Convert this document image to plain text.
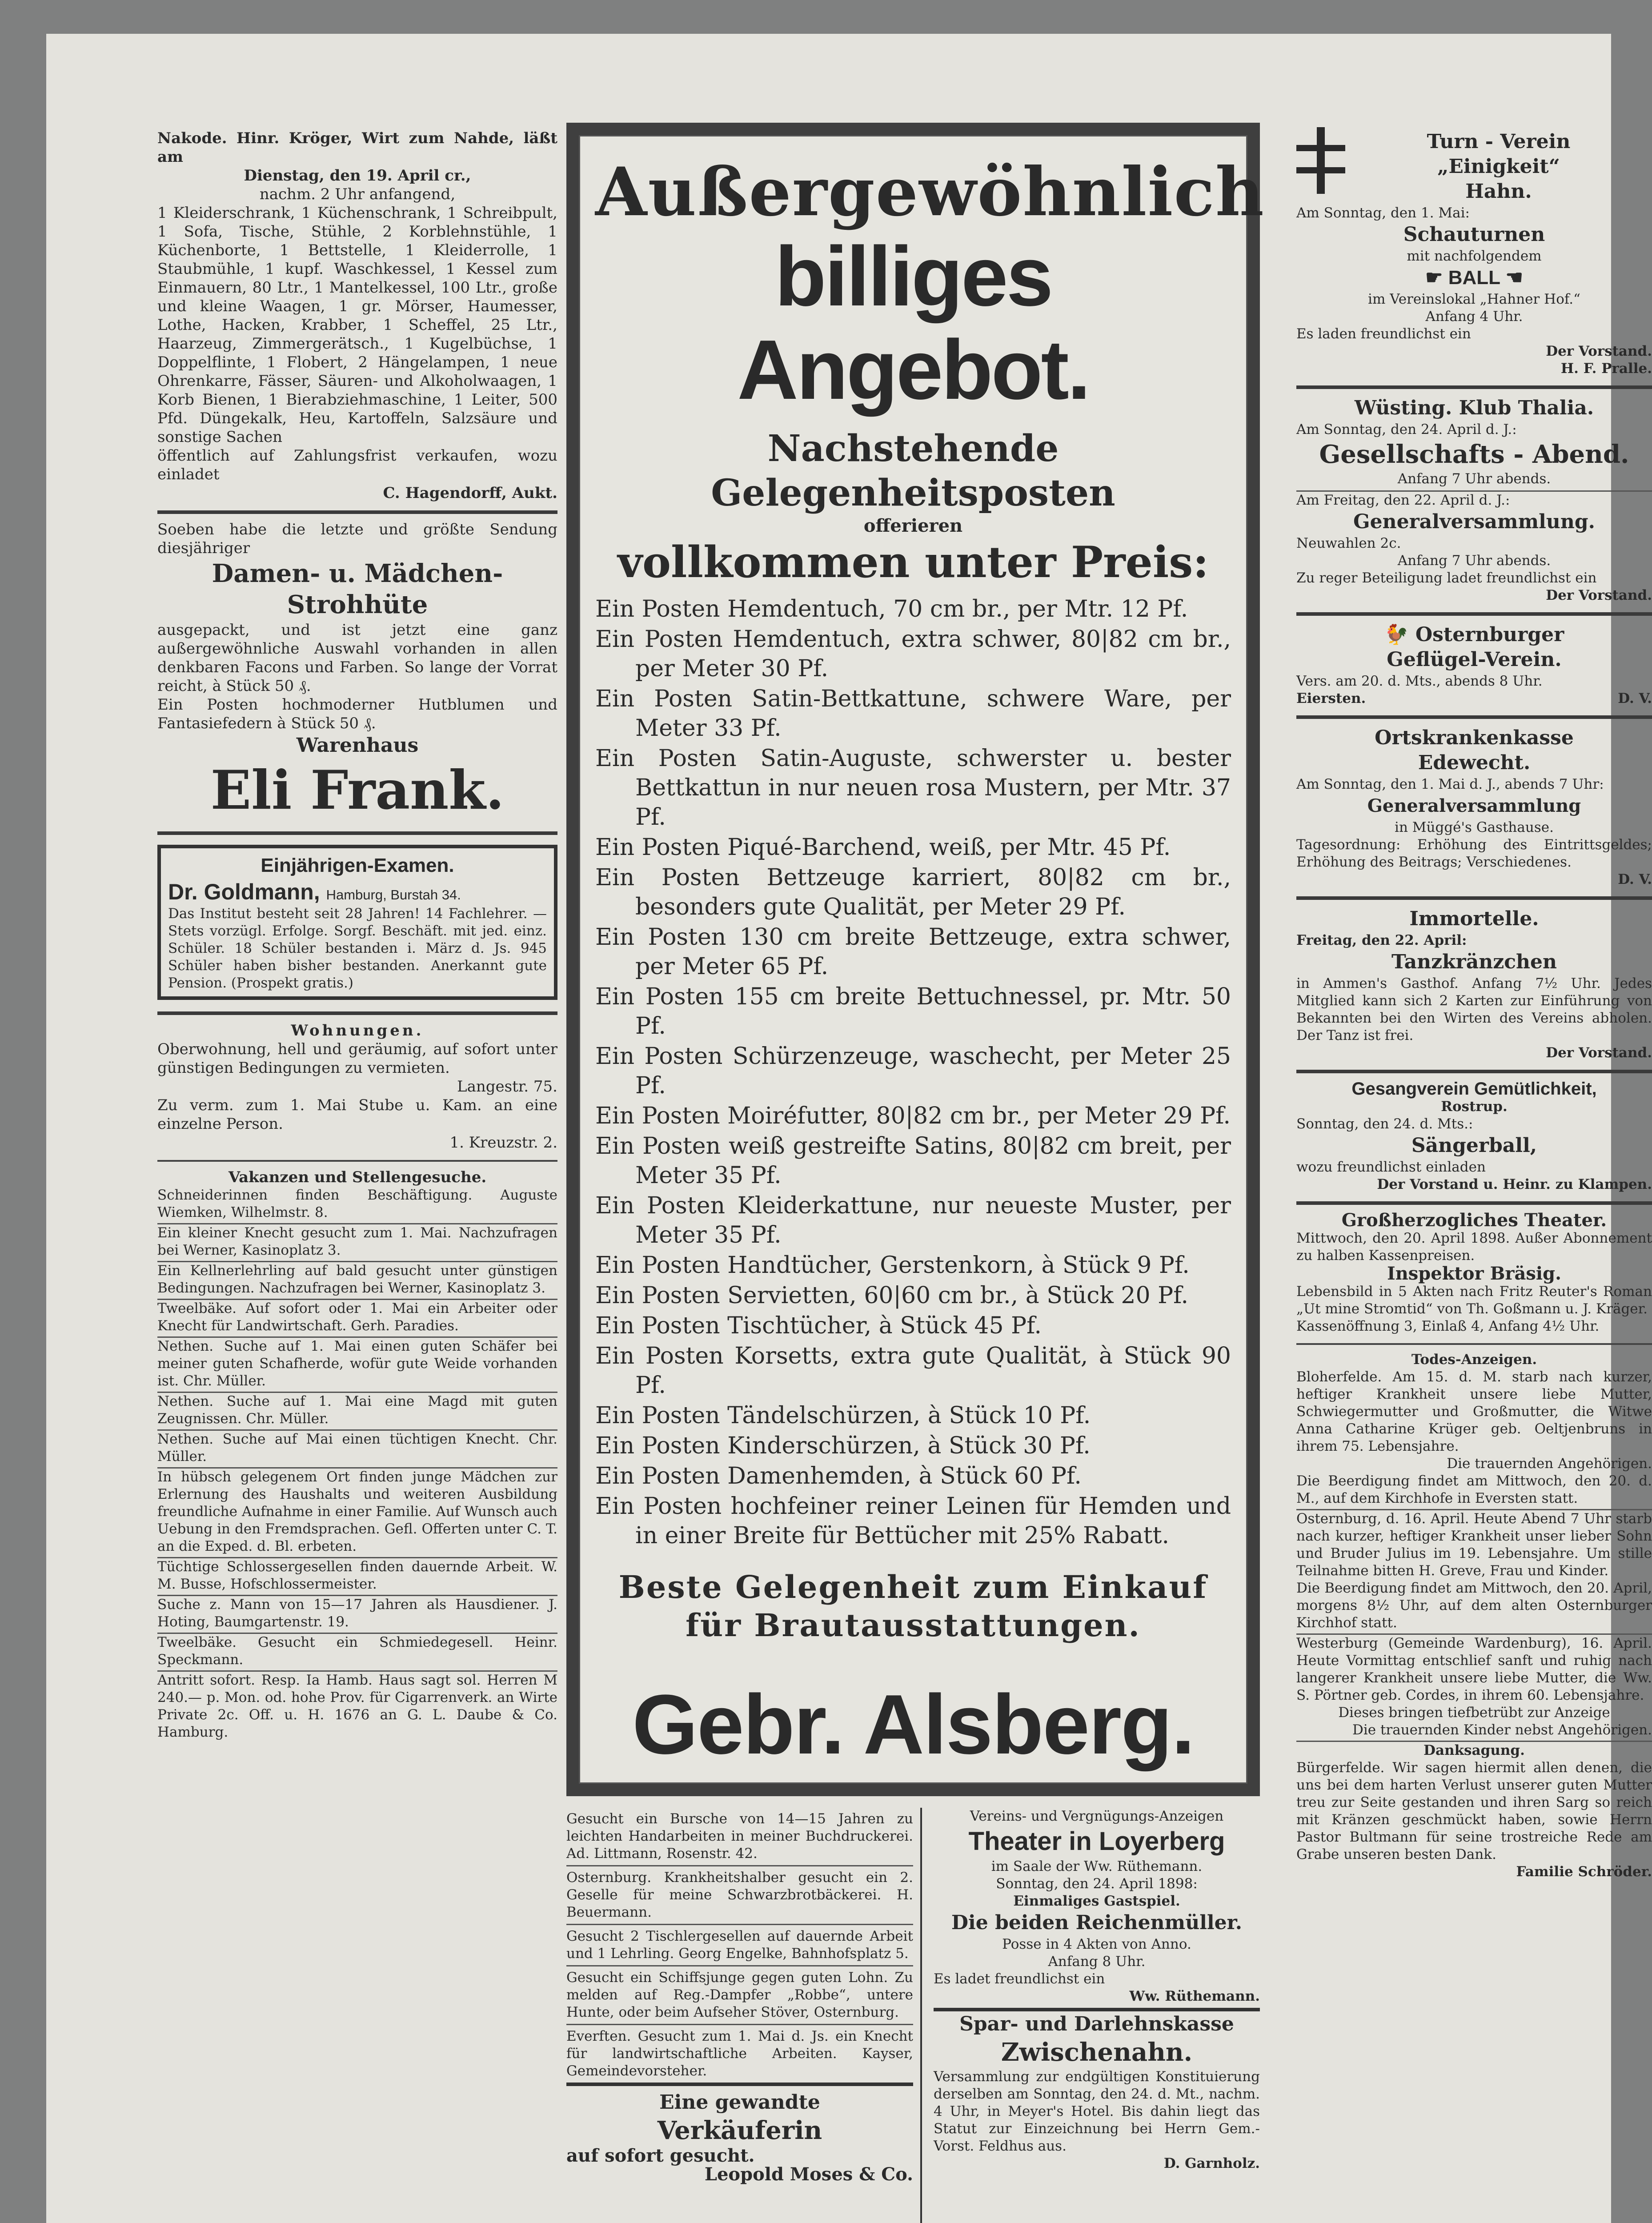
Nakode. Hinr. Kröger, Wirt zum Nahde, läßt am

Dienstag, den 19. April cr.,

nachm. 2 Uhr anfangend,

1 Kleiderschrank, 1 Küchenschrank, 1 Schreibpult, 1 Sofa, Tische, Stühle, 2 Korblehnstühle, 1 Küchenborte, 1 Bettstelle, 1 Kleiderrolle, 1 Staubmühle, 1 kupf. Waschkessel, 1 Kessel zum Einmauern, 80 Ltr., 1 Mantelkessel, 100 Ltr., große und kleine Waagen, 1 gr. Mörser, Haumesser, Lothe, Hacken, Krabber, 1 Scheffel, 25 Ltr., Haarzeug, Zimmergerätsch., 1 Kugelbüchse, 1 Doppelflinte, 1 Flobert, 2 Hängelampen, 1 neue Ohrenkarre, Fässer, Säuren- und Alkoholwaagen, 1 Korb Bienen, 1 Bierabziehmaschine, 1 Leiter, 500 Pfd. Düngekalk, Heu, Kartoffeln, Salzsäure und sonstige Sachen

öffentlich auf Zahlungsfrist verkaufen, wozu einladet

C. Hagendorff, Aukt.

Soeben habe die letzte und größte Sendung diesjähriger

Damen- u. Mädchen-

Strohhüte

ausgepackt, und ist jetzt eine ganz außergewöhnliche Auswahl vorhanden in allen denkbaren Facons und Farben. So lange der Vorrat reicht, à Stück 50 ₰.

Ein Posten hochmoderner Hutblumen und Fantasiefedern à Stück 50 ₰.

Warenhaus

Eli Frank.

Einjährigen-Examen.

Dr. Goldmann, Hamburg, Burstah 34.

Das Institut besteht seit 28 Jahren! 14 Fachlehrer. — Stets vorzügl. Erfolge. Sorgf. Beschäft. mit jed. einz. Schüler. 18 Schüler bestanden i. März d. Js. 945 Schüler haben bisher bestanden. Anerkannt gute Pension. (Prospekt gratis.)

Wohnungen.

Oberwohnung, hell und geräumig, auf sofort unter günstigen Bedingungen zu vermieten.

Langestr. 75.

Zu verm. zum 1. Mai Stube u. Kam. an eine einzelne Person.

1. Kreuzstr. 2.

Vakanzen und Stellengesuche.

Schneiderinnen finden Beschäftigung. Auguste Wiemken, Wilhelmstr. 8.

Ein kleiner Knecht gesucht zum 1. Mai. Nachzufragen bei Werner, Kasinoplatz 3.

Ein Kellnerlehrling auf bald gesucht unter günstigen Bedingungen. Nachzufragen bei Werner, Kasinoplatz 3.

Tweelbäke. Auf sofort oder 1. Mai ein Arbeiter oder Knecht für Landwirtschaft. Gerh. Paradies.

Nethen. Suche auf 1. Mai einen guten Schäfer bei meiner guten Schafherde, wofür gute Weide vorhanden ist. Chr. Müller.

Nethen. Suche auf 1. Mai eine Magd mit guten Zeugnissen. Chr. Müller.

Nethen. Suche auf Mai einen tüchtigen Knecht. Chr. Müller.

In hübsch gelegenem Ort finden junge Mädchen zur Erlernung des Haushalts und weiteren Ausbildung freundliche Aufnahme in einer Familie. Auf Wunsch auch Uebung in den Fremdsprachen. Gefl. Offerten unter C. T. an die Exped. d. Bl. erbeten.

Tüchtige Schlossergesellen finden dauernde Arbeit. W. M. Busse, Hofschlossermeister.

Suche z. Mann von 15—17 Jahren als Hausdiener. J. Hoting, Baumgartenstr. 19.

Tweelbäke. Gesucht ein Schmiedegesell. Heinr. Speckmann.

Antritt sofort. Resp. Ia Hamb. Haus sagt sol. Herren M 240.— p. Mon. od. hohe Prov. für Cigarrenverk. an Wirte Private 2c. Off. u. H. 1676 an G. L. Daube & Co. Hamburg.

Außergewöhnlich

billiges Angebot.

Nachstehende Gelegenheitsposten

offerieren

vollkommen unter Preis:

Ein Posten Hemdentuch, 70 cm br., per Mtr. 12 Pf.

Ein Posten Hemdentuch, extra schwer, 80|82 cm br., per Meter 30 Pf.

Ein Posten Satin-Bettkattune, schwere Ware, per Meter 33 Pf.

Ein Posten Satin-Auguste, schwerster u. bester Bettkattun in nur neuen rosa Mustern, per Mtr. 37 Pf.

Ein Posten Piqué-Barchend, weiß, per Mtr. 45 Pf.

Ein Posten Bettzeuge karriert, 80|82 cm br., besonders gute Qualität, per Meter 29 Pf.

Ein Posten 130 cm breite Bettzeuge, extra schwer, per Meter 65 Pf.

Ein Posten 155 cm breite Bettuchnessel, pr. Mtr. 50 Pf.

Ein Posten Schürzenzeuge, waschecht, per Meter 25 Pf.

Ein Posten Moiréfutter, 80|82 cm br., per Meter 29 Pf.

Ein Posten weiß gestreifte Satins, 80|82 cm breit, per Meter 35 Pf.

Ein Posten Kleiderkattune, nur neueste Muster, per Meter 35 Pf.

Ein Posten Handtücher, Gerstenkorn, à Stück 9 Pf.

Ein Posten Servietten, 60|60 cm br., à Stück 20 Pf.

Ein Posten Tischtücher, à Stück 45 Pf.

Ein Posten Korsetts, extra gute Qualität, à Stück 90 Pf.

Ein Posten Tändelschürzen, à Stück 10 Pf.

Ein Posten Kinderschürzen, à Stück 30 Pf.

Ein Posten Damenhemden, à Stück 60 Pf.

Ein Posten hochfeiner reiner Leinen für Hemden und in einer Breite für Bettücher mit 25% Rabatt.

Beste Gelegenheit zum Einkauf für Brautausstattungen.

Gebr. Alsberg.

Gesucht ein Bursche von 14—15 Jahren zu leichten Handarbeiten in meiner Buchdruckerei. Ad. Littmann, Rosenstr. 42.

Osternburg. Krankheitshalber gesucht ein 2. Geselle für meine Schwarzbrotbäckerei. H. Beuermann.

Gesucht 2 Tischlergesellen auf dauernde Arbeit und 1 Lehrling. Georg Engelke, Bahnhofsplatz 5.

Gesucht ein Schiffsjunge gegen guten Lohn. Zu melden auf Reg.-Dampfer „Robbe“, untere Hunte, oder beim Aufseher Stöver, Osternburg.

Everften. Gesucht zum 1. Mai d. Js. ein Knecht für landwirtschaftliche Arbeiten. Kayser, Gemeindevorsteher.

Eine gewandte

Verkäuferin

auf sofort gesucht.

Leopold Moses & Co.

Vereins- und Vergnügungs-Anzeigen

Theater in Loyerberg

im Saale der Ww. Rüthemann.

Sonntag, den 24. April 1898:

Einmaliges Gastspiel.

Die beiden Reichenmüller.

Posse in 4 Akten von Anno.

Anfang 8 Uhr.

Es ladet freundlichst ein

Ww. Rüthemann.

Spar- und Darlehnskasse

Zwischenahn.

Versammlung zur endgültigen Konstituierung derselben am Sonntag, den 24. d. Mt., nachm. 4 Uhr, in Meyer's Hotel. Bis dahin liegt das Statut zur Einzeichnung bei Herrn Gem.-Vorst. Feldhus aus.

D. Garnholz.

Turn - Verein

„Einigkeit“

Hahn.

Am Sonntag, den 1. Mai:

Schauturnen

mit nachfolgendem

☛ BALL ☚

im Vereinslokal „Hahner Hof.“

Anfang 4 Uhr.

Es laden freundlichst ein

Der Vorstand.

H. F. Pralle.

Wüsting. Klub Thalia.

Am Sonntag, den 24. April d. J.:

Gesellschafts - Abend.

Anfang 7 Uhr abends.

Am Freitag, den 22. April d. J.:

Generalversammlung.

Neuwahlen 2c.

Anfang 7 Uhr abends.

Zu reger Beteiligung ladet freundlichst ein

Der Vorstand.

🐓 Osternburger

Geflügel-Verein.

Vers. am 20. d. Mts., abends 8 Uhr.

Eiersten.	D. V.

Ortskrankenkasse

Edewecht.

Am Sonntag, den 1. Mai d. J., abends 7 Uhr:

Generalversammlung

in Müggé's Gasthause.

Tagesordnung: Erhöhung des Eintrittsgeldes; Erhöhung des Beitrags; Verschiedenes.

D. V.

Immortelle.

Freitag, den 22. April:

Tanzkränzchen

in Ammen's Gasthof. Anfang 7½ Uhr. Jedes Mitglied kann sich 2 Karten zur Einführung von Bekannten bei den Wirten des Vereins abholen. Der Tanz ist frei.

Der Vorstand.

Gesangverein Gemütlichkeit,

Rostrup.

Sonntag, den 24. d. Mts.:

Sängerball,

wozu freundlichst einladen

Der Vorstand u. Heinr. zu Klampen.

Großherzogliches Theater.

Mittwoch, den 20. April 1898. Außer Abonnement zu halben Kassenpreisen.

Inspektor Bräsig.

Lebensbild in 5 Akten nach Fritz Reuter's Roman „Ut mine Stromtid“ von Th. Goßmann u. J. Kräger.

Kassenöffnung 3, Einlaß 4, Anfang 4½ Uhr.

Todes-Anzeigen.

Bloherfelde. Am 15. d. M. starb nach kurzer, heftiger Krankheit unsere liebe Mutter, Schwiegermutter und Großmutter, die Witwe Anna Catharine Krüger geb. Oeltjenbruns in ihrem 75. Lebensjahre.

Die trauernden Angehörigen.

Die Beerdigung findet am Mittwoch, den 20. d. M., auf dem Kirchhofe in Eversten statt.

Osternburg, d. 16. April. Heute Abend 7 Uhr starb nach kurzer, heftiger Krankheit unser lieber Sohn und Bruder Julius im 19. Lebensjahre. Um stille Teilnahme bitten H. Greve, Frau und Kinder.

Die Beerdigung findet am Mittwoch, den 20. April, morgens 8½ Uhr, auf dem alten Osternburger Kirchhof statt.

Westerburg (Gemeinde Wardenburg), 16. April. Heute Vormittag entschlief sanft und ruhig nach langerer Krankheit unsere liebe Mutter, die Ww. S. Pörtner geb. Cordes, in ihrem 60. Lebensjahre.

Dieses bringen tiefbetrübt zur Anzeige

Die trauernden Kinder nebst Angehörigen.

Danksagung.

Bürgerfelde. Wir sagen hiermit allen denen, die uns bei dem harten Verlust unserer guten Mutter treu zur Seite gestanden und ihren Sarg so reich mit Kränzen geschmückt haben, sowie Herrn Pastor Bultmann für seine trostreiche Rede am Grabe unseren besten Dank.

Familie Schröder.
